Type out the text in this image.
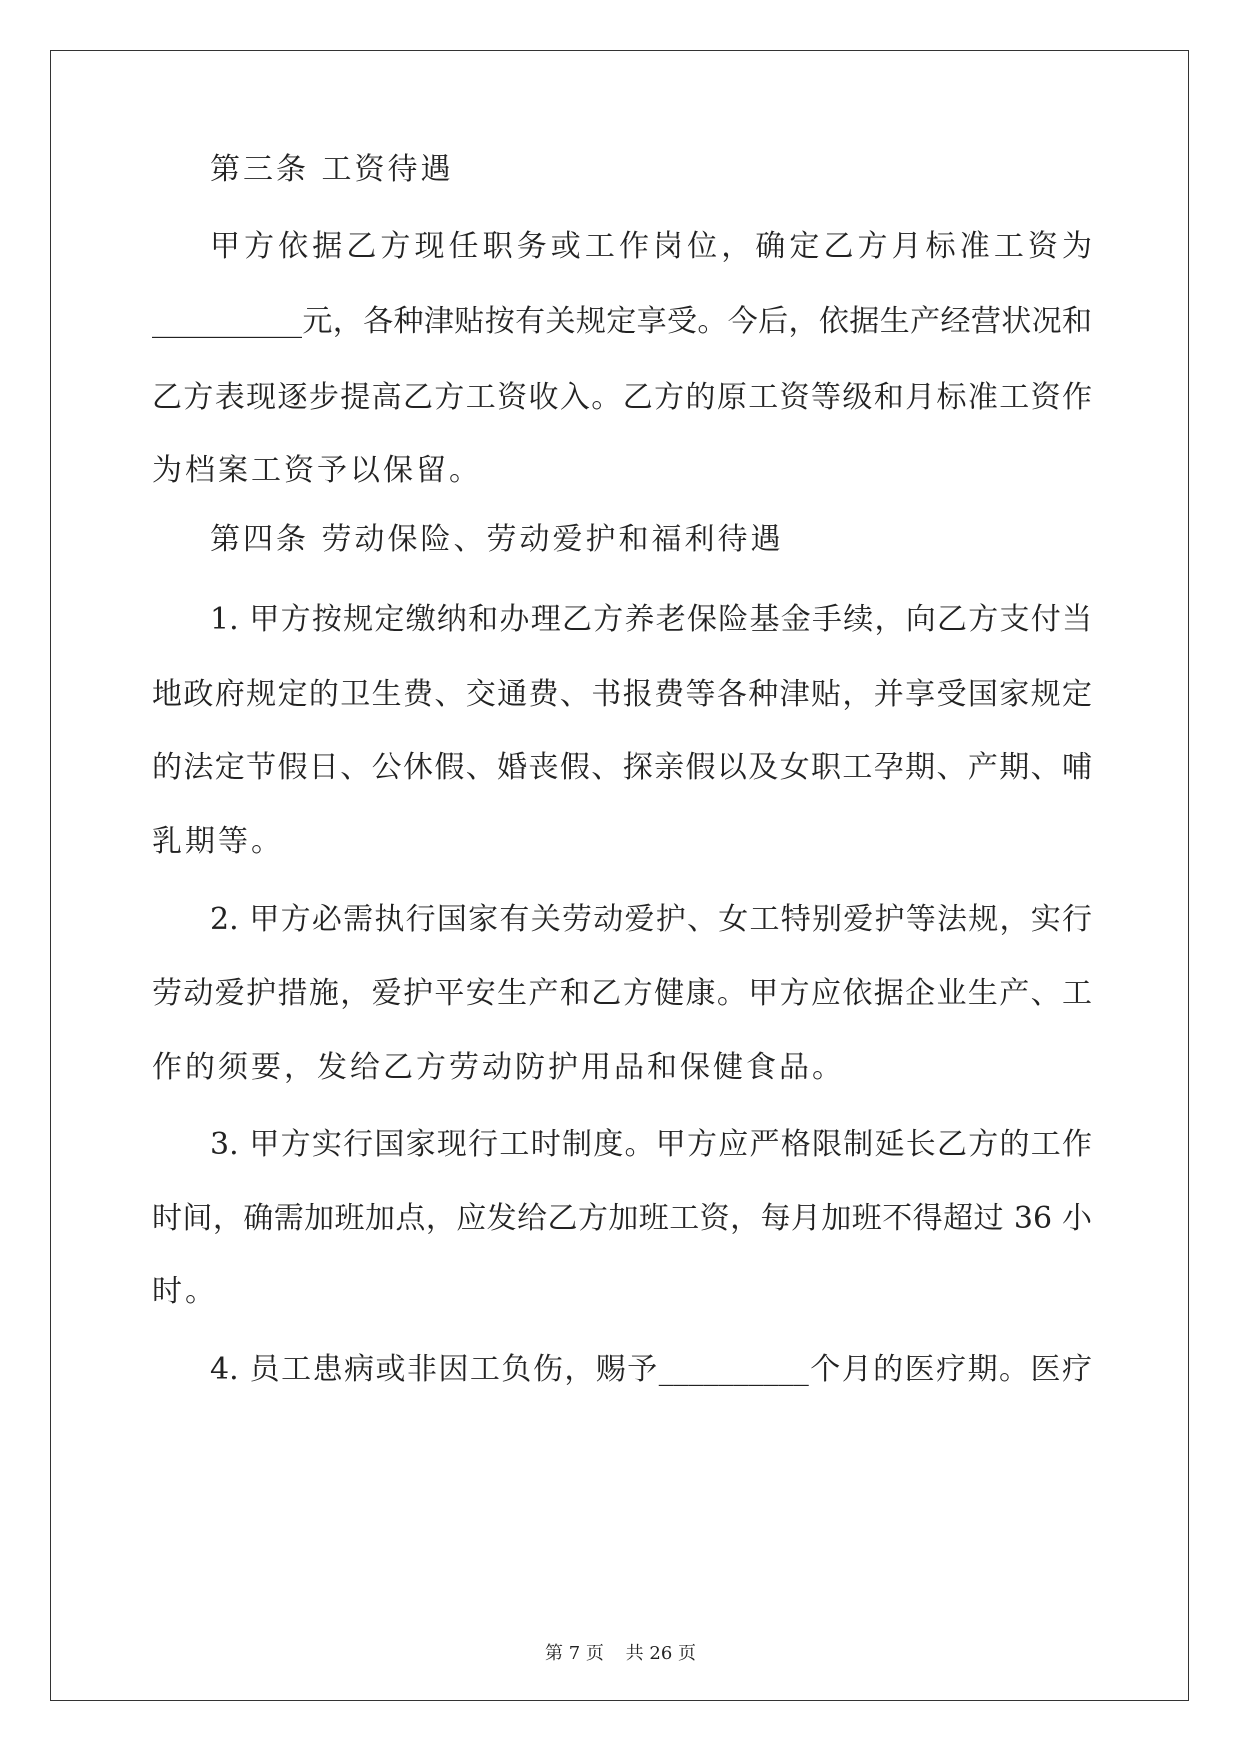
第三条 工资待遇
甲方依据乙方现任职务或工作岗位，确定乙方月标准工资为
__________元，各种津贴按有关规定享受。今后，依据生产经营状况和
乙方表现逐步提高乙方工资收入。乙方的原工资等级和月标准工资作
为档案工资予以保留。
第四条 劳动保险、劳动爱护和福利待遇
1. 甲方按规定缴纳和办理乙方养老保险基金手续，向乙方支付当
地政府规定的卫生费、交通费、书报费等各种津贴，并享受国家规定
的法定节假日、公休假、婚丧假、探亲假以及女职工孕期、产期、哺
乳期等。
2. 甲方必需执行国家有关劳动爱护、女工特别爱护等法规，实行
劳动爱护措施，爱护平安生产和乙方健康。甲方应依据企业生产、工
作的须要，发给乙方劳动防护用品和保健食品。
3. 甲方实行国家现行工时制度。甲方应严格限制延长乙方的工作
时间，确需加班加点，应发给乙方加班工资，每月加班不得超过 36 小
时。
4. 员工患病或非因工负伤，赐予__________个月的医疗期。医疗
第 7 页 共 26 页
